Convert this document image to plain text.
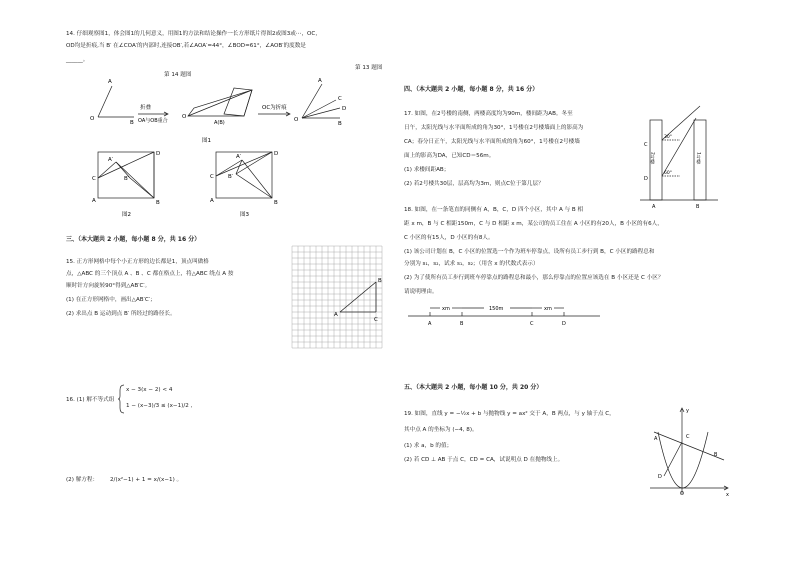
14. 仔细观察图1，体会图1的几何意义，用图1的方法和结论操作一长方形纸片得图2或图3或⋯，OC，
OD均是折痕,当 B′ 在∠COA′的内部时,连接OB′,若∠AOA′=44°，∠BOD=61°，∠AOB′的度数是
______。
第 14 题图
第 13 题图
A
O
B
折叠
OA与OB重合
O
A(B)
图1
OC为折痕
A
C
D
O
B
C
A′
B′
D
A	B
图2
C
A′
B′
D
A	B
图3
三、（本大题共 2 小题，每小题 8 分，共 16 分）
15. 正方形网格中每个小正方形的边长都是1，顶点叫做格
点，△ABC 的三个顶点 A 、B 、C 都在格点上，将△ABC 绕点 A 按
顺时针方向旋转90°得到△AB′C′。
(1) 在正方形网格中，画出△AB′C′；
(2) 求出点 B 运动到点 B′ 所经过的路径长。	A
B
C
16. (1) 解不等式组
x − 3(x − 2) < 4
1 − (x−3)/3 ≤ (x−1)/2 ,
(2) 解方程： 2/(x²−1) + 1 = x/(x−1) 。
四、（本大题共 2 小题，每小题 8 分，共 16 分）
17. 如图，在2号楼的南侧，两楼高度均为90m，楼间距为AB。冬至
日午，太阳光线与水平面所成的角为30°，1号楼在2号楼墙面上的影高为
CA；春分日正午，太阳光线与水平面所成的角为60°，1号楼在2号楼墙
面上的影高为DA，已知CD＝56m。
(1) 求楼间距AB；
(2) 若2号楼共30层，层高均为3m，则点C位于第几层？
30°
60°
C
D
A	B
2号楼	1号楼
18. 如图，在一条笔直的同侧有 A，B，C，D 四个小区，其中 A 与 B 相
距 x m，B 与 C 相距150m，C 与 D 相距 x m，某公司的员工住在 A 小区的有20人，B 小区的有6人，
C 小区的有15人，D 小区的有8人。
(1) 该公司计划在 B，C 小区的位置选一个作为班车停靠点，设所有员工步行到 B，C 小区的路程总和
分别为 s₁，s₂，试求 s₁，s₂；（用含 x 的代数式表示）
(2) 为了使所有员工步行到班车停靠点的路程总和最小，那么停靠点的位置应该选在 B 小区还是 C 小区？
请说明理由。
xm	150m	xm
A	B	C	D
五、（本大题共 2 小题，每小题 10 分，共 20 分）
19. 如图，直线 y = −½x + b 与抛物线 y = ax² 交于 A，B 两点，与 y 轴于点 C，
其中点 A 的坐标为 (−4, 8)。
(1) 求 a，b 的值；
(2) 若 CD ⊥ AB 于点 C，CD = CA，试说明点 D 在抛物线上。
y
x
O
A
B
C
D
